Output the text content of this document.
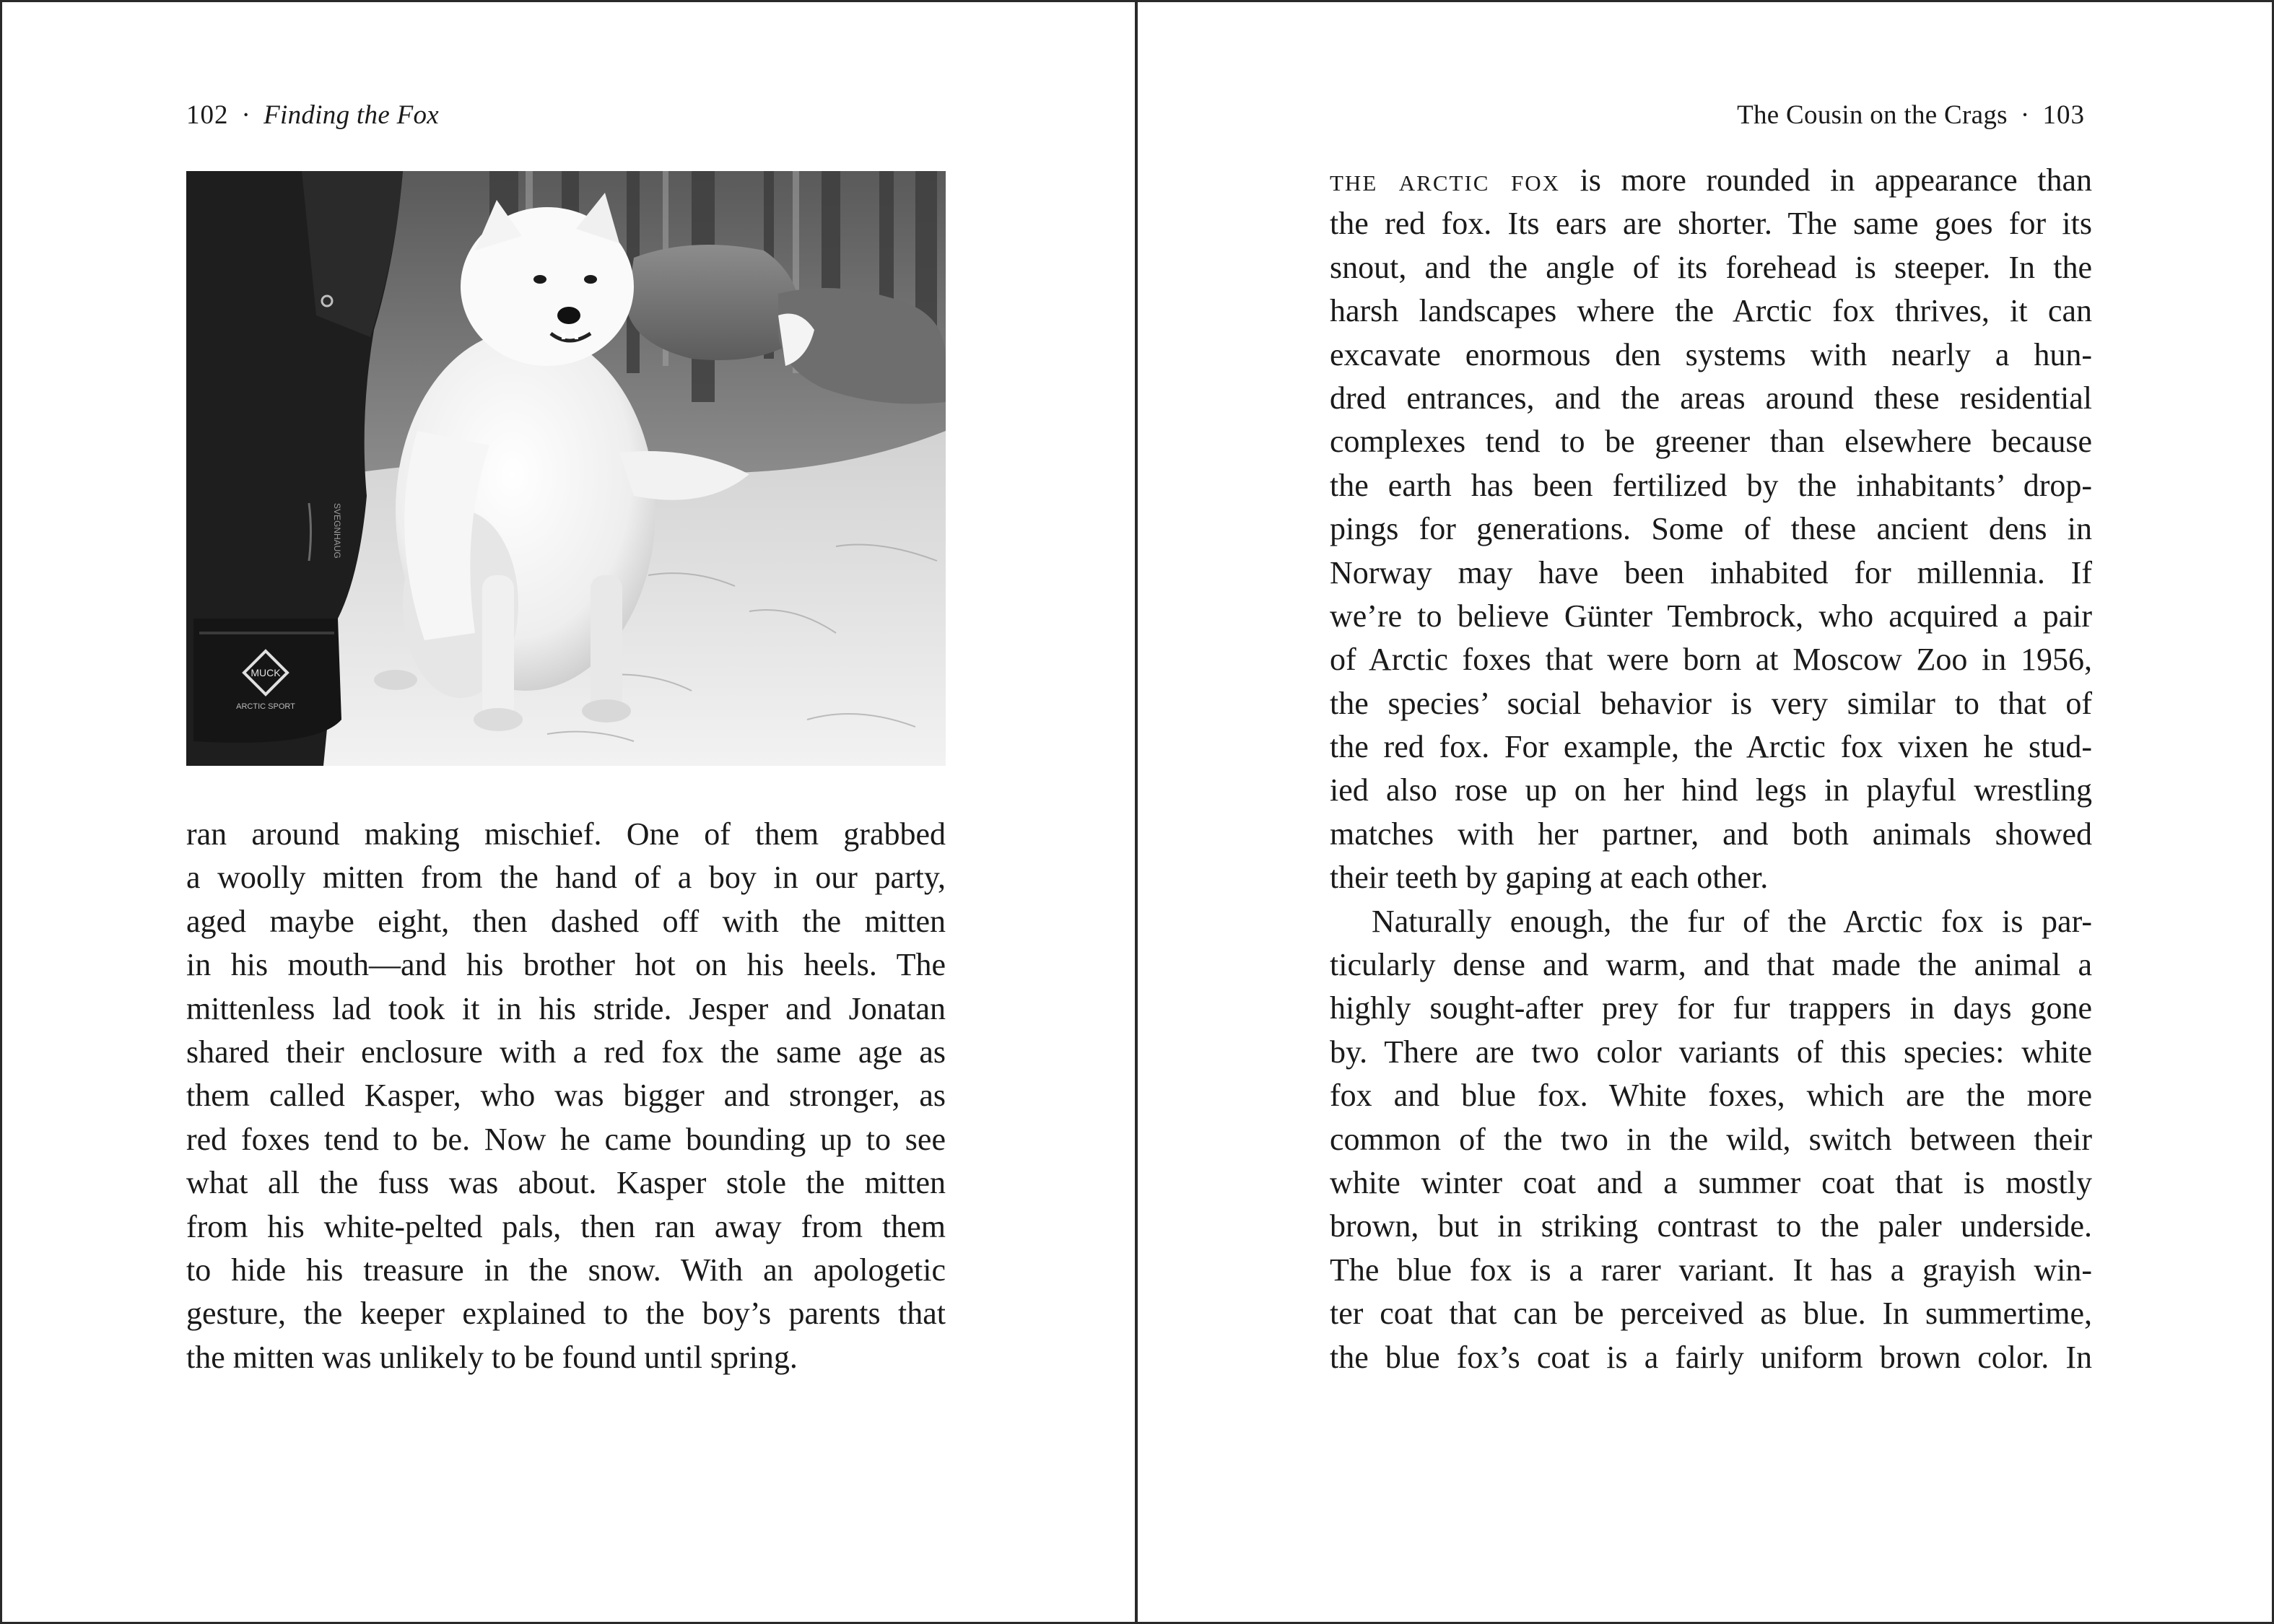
102 · Finding the Fox
MUCK
ARCTIC SPORT
SVEGNHAUG
ran around making mischief. One of them grabbed
a woolly mitten from the hand of a boy in our party,
aged maybe eight, then dashed off with the mitten
in his mouth—and his brother hot on his heels. The
mittenless lad took it in his stride. Jesper and Jonatan
shared their enclosure with a red fox the same age as
them called Kasper, who was bigger and stronger, as
red foxes tend to be. Now he came bounding up to see
what all the fuss was about. Kasper stole the mitten
from his white-pelted pals, then ran away from them
to hide his treasure in the snow. With an apologetic
gesture, the keeper explained to the boy’s parents that
the mitten was unlikely to be found until spring.
The Cousin on the Crags · 103
the arctic fox is more rounded in appearance than
the red fox. Its ears are shorter. The same goes for its
snout, and the angle of its forehead is steeper. In the
harsh landscapes where the Arctic fox thrives, it can
excavate enormous den systems with nearly a hun-
dred entrances, and the areas around these residential
complexes tend to be greener than elsewhere because
the earth has been fertilized by the inhabitants’ drop-
pings for generations. Some of these ancient dens in
Norway may have been inhabited for millennia. If
we’re to believe Günter Tembrock, who acquired a pair
of Arctic foxes that were born at Moscow Zoo in 1956,
the species’ social behavior is very similar to that of
the red fox. For example, the Arctic fox vixen he stud-
ied also rose up on her hind legs in playful wrestling
matches with her partner, and both animals showed
their teeth by gaping at each other.
Naturally enough, the fur of the Arctic fox is par-
ticularly dense and warm, and that made the animal a
highly sought-after prey for fur trappers in days gone
by. There are two color variants of this species: white
fox and blue fox. White foxes, which are the more
common of the two in the wild, switch between their
white winter coat and a summer coat that is mostly
brown, but in striking contrast to the paler underside.
The blue fox is a rarer variant. It has a grayish win-
ter coat that can be perceived as blue. In summertime,
the blue fox’s coat is a fairly uniform brown color. In
